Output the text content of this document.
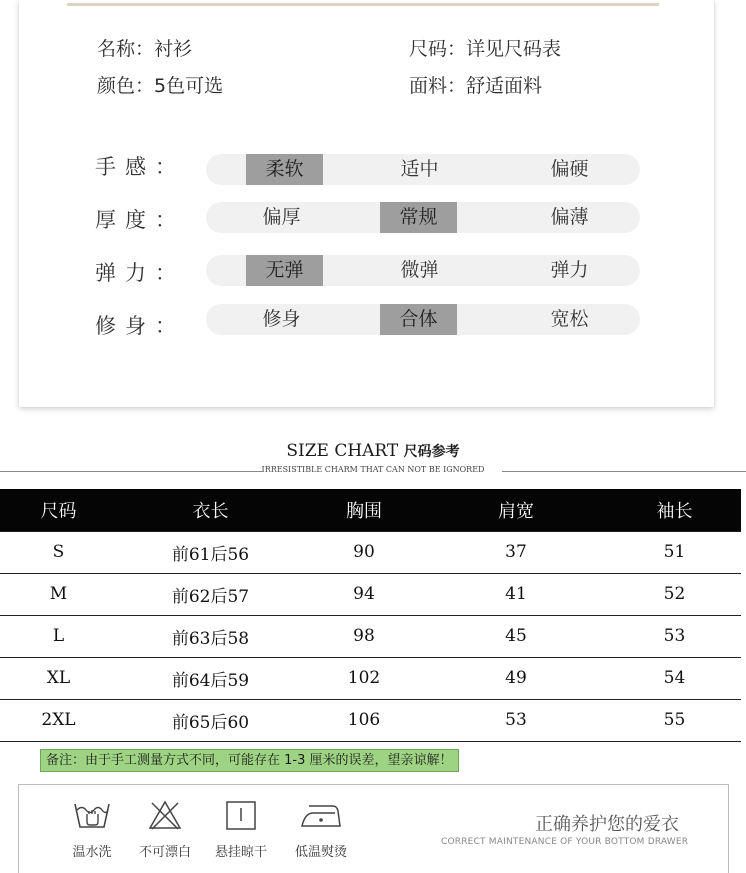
名称：衬衫	尺码：详见尺码表
颜色：5色可选	面料：舒适面料
手感：	柔软	适中	偏硬
厚度：	偏厚	常规	偏薄
弹力：	无弹	微弹	弹力
修身：	修身	合体	宽松
SIZE CHART 尺码参考
IRRESISTIBLE CHARM THAT CAN NOT BE IGNORED
尺码	衣长	胸围	肩宽	袖长
S	前61后56	90	37	51
M	前62后57	94	41	52
L	前63后58	98	45	53
XL	前64后59	102	49	54
2XL	前65后60	106	53	55
备注：由于手工测量方式不同，可能存在 1-3 厘米的误差，望亲谅解！
温水洗 不可漂白 悬挂晾干	低温熨烫
正确养护您的爱衣
CORRECT MAINTENANCE OF YOUR BOTTOM DRAWER
